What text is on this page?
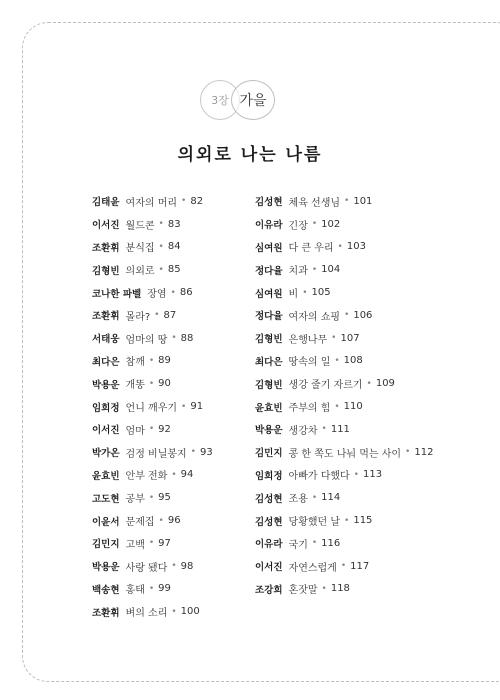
3장 가을
의외로 나는 나름
김태윤 여자의 머리 • 82
이서진 월드콘 • 83
조환휘 분식집 • 84
김형빈 의외로 • 85
코나한 파벨 장염 • 86
조환휘 몰라? • 87
서태웅 엄마의 땅 • 88
최다은 참깨 • 89
박용운 개똥 • 90
임희정 언니 깨우기 • 91
이서진 엄마 • 92
박가온 검정 비닐봉지 • 93
윤효빈 안부 전화 • 94
고도현 공부 • 95
이윤서 문제집 • 96
김민지 고백 • 97
박용운 사랑 됐다 • 98
백송현 홍태 • 99
조환휘 벼의 소리 • 100
김성현 체육 선생님 • 101
이유라 긴장 • 102
심여원 다 큰 우리 • 103
정다율 치과 • 104
심여원 비 • 105
정다율 여자의 쇼핑 • 106
김형빈 은행나무 • 107
최다은 땅속의 일 • 108
김형빈 생강 줄기 자르기 • 109
윤효빈 주부의 힘 • 110
박용운 생강차 • 111
김민지 콩 한 쪽도 나눠 먹는 사이 • 112
임희정 아빠가 다했다 • 113
김성현 조용 • 114
김성현 당황했던 날 • 115
이유라 국기 • 116
이서진 자연스럽게 • 117
조강희 혼잣말 • 118
